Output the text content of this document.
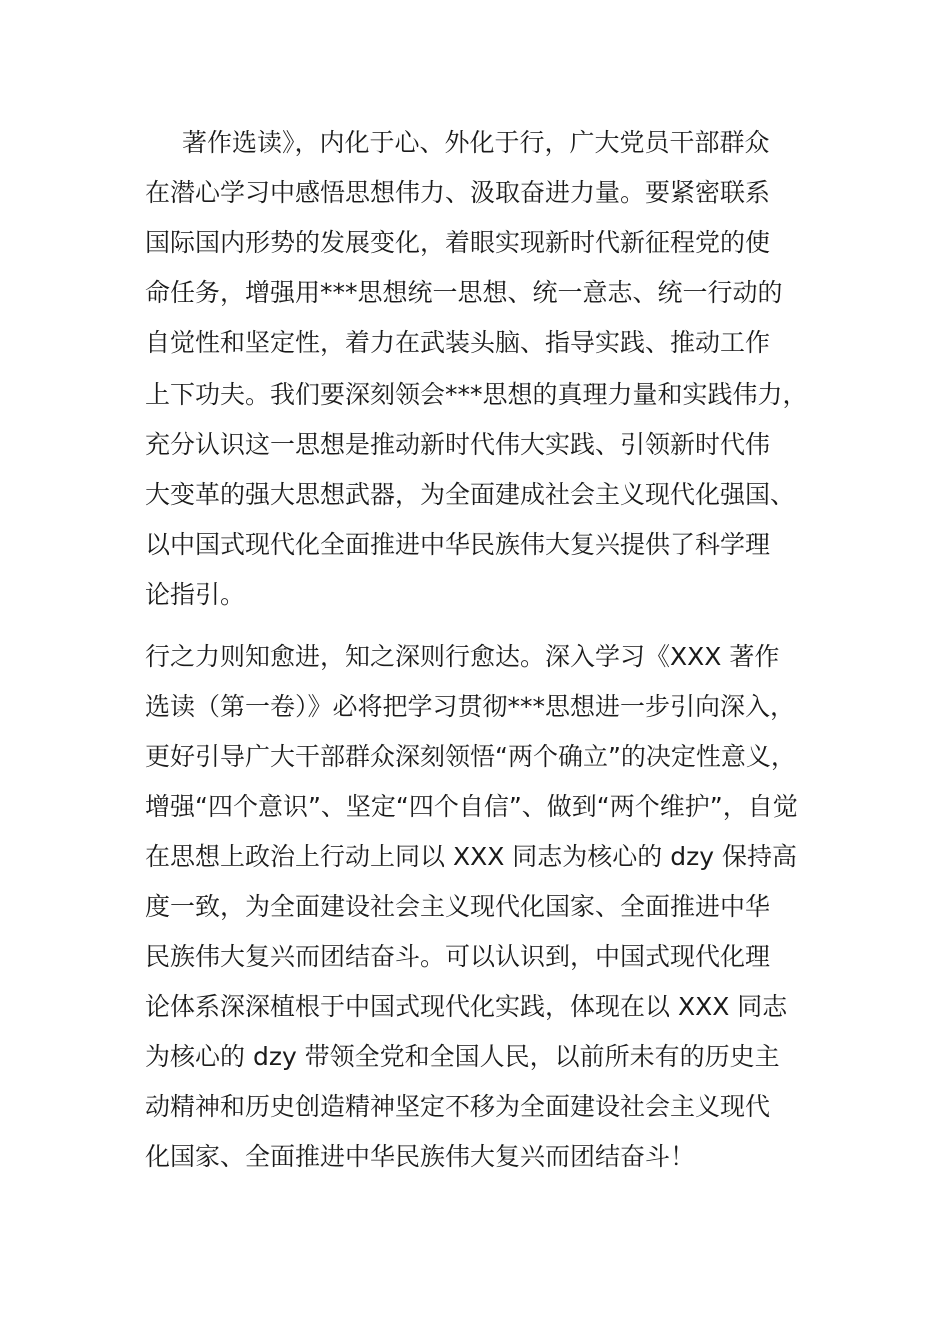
著作选读》，内化于心、外化于行，广大党员干部群众
在潜心学习中感悟思想伟力、汲取奋进力量。要紧密联系
国际国内形势的发展变化，着眼实现新时代新征程党的使
命任务，增强用***思想统一思想、统一意志、统一行动的
自觉性和坚定性，着力在武装头脑、指导实践、推动工作
上下功夫。我们要深刻领会***思想的真理力量和实践伟力，
充分认识这一思想是推动新时代伟大实践、引领新时代伟
大变革的强大思想武器，为全面建成社会主义现代化强国、
以中国式现代化全面推进中华民族伟大复兴提供了科学理
论指引。
行之力则知愈进，知之深则行愈达。深入学习《XXX 著作
选读（第一卷）》必将把学习贯彻***思想进一步引向深入，
更好引导广大干部群众深刻领悟“两个确立”的决定性意义，
增强“四个意识”、坚定“四个自信”、做到“两个维护”，自觉
在思想上政治上行动上同以 XXX 同志为核心的 dzy 保持高
度一致，为全面建设社会主义现代化国家、全面推进中华
民族伟大复兴而团结奋斗。可以认识到，中国式现代化理
论体系深深植根于中国式现代化实践，体现在以 XXX 同志
为核心的 dzy 带领全党和全国人民，以前所未有的历史主
动精神和历史创造精神坚定不移为全面建设社会主义现代
化国家、全面推进中华民族伟大复兴而团结奋斗！
